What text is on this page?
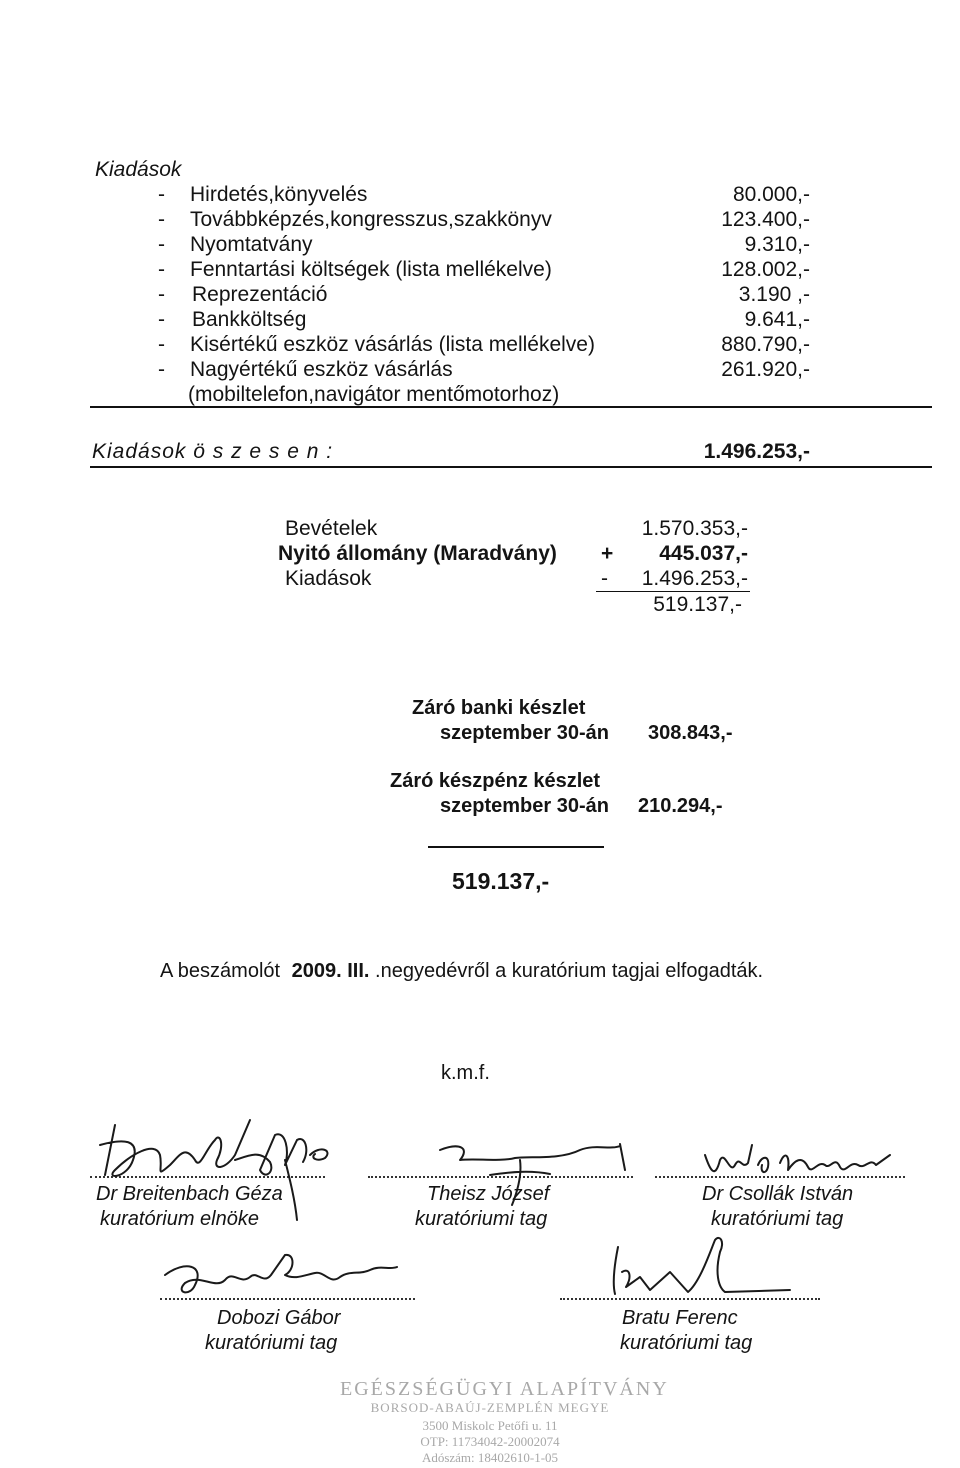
Kiadások
- Hirdetés,könyvelés	80.000,-
- Továbbképzés,kongresszus,szakkönyv	123.400,-
- Nyomtatvány	9.310,-
- Fenntartási költségek (lista mellékelve)	128.002,-
- Reprezentáció	3.190 ,-
- Bankköltség	9.641,-
- Kisértékű eszköz vásárlás (lista mellékelve)	880.790,-
- Nagyértékű eszköz vásárlás	261.920,-
(mobiltelefon,navigátor mentőmotorhoz)
Kiadások ö s z e s e n :	1.496.253,-
Bevételek	1.570.353,-
Nyitó állomány (Maradvány) + 445.037,-
Kiadások	- 1.496.253,-
519.137,-
Záró banki készlet
szeptember 30-án 308.843,-
Záró készpénz készlet
szeptember 30-án 210.294,-
519.137,-
A beszámolót 2009. III. .negyedévről a kuratórium tagjai elfogadták.
k.m.f.
Dr Breitenbach Géza
kuratórium elnöke
Theisz József
kuratóriumi tag
Dr Csollák István
kuratóriumi tag
Dobozi Gábor
kuratóriumi tag
Bratu Ferenc
kuratóriumi tag
EGÉSZSÉGÜGYI ALAPÍTVÁNY
BORSOD-ABAÚJ-ZEMPLÉN MEGYE
3500 Miskolc Petőfi u. 11
OTP: 11734042-20002074
Adószám: 18402610-1-05
